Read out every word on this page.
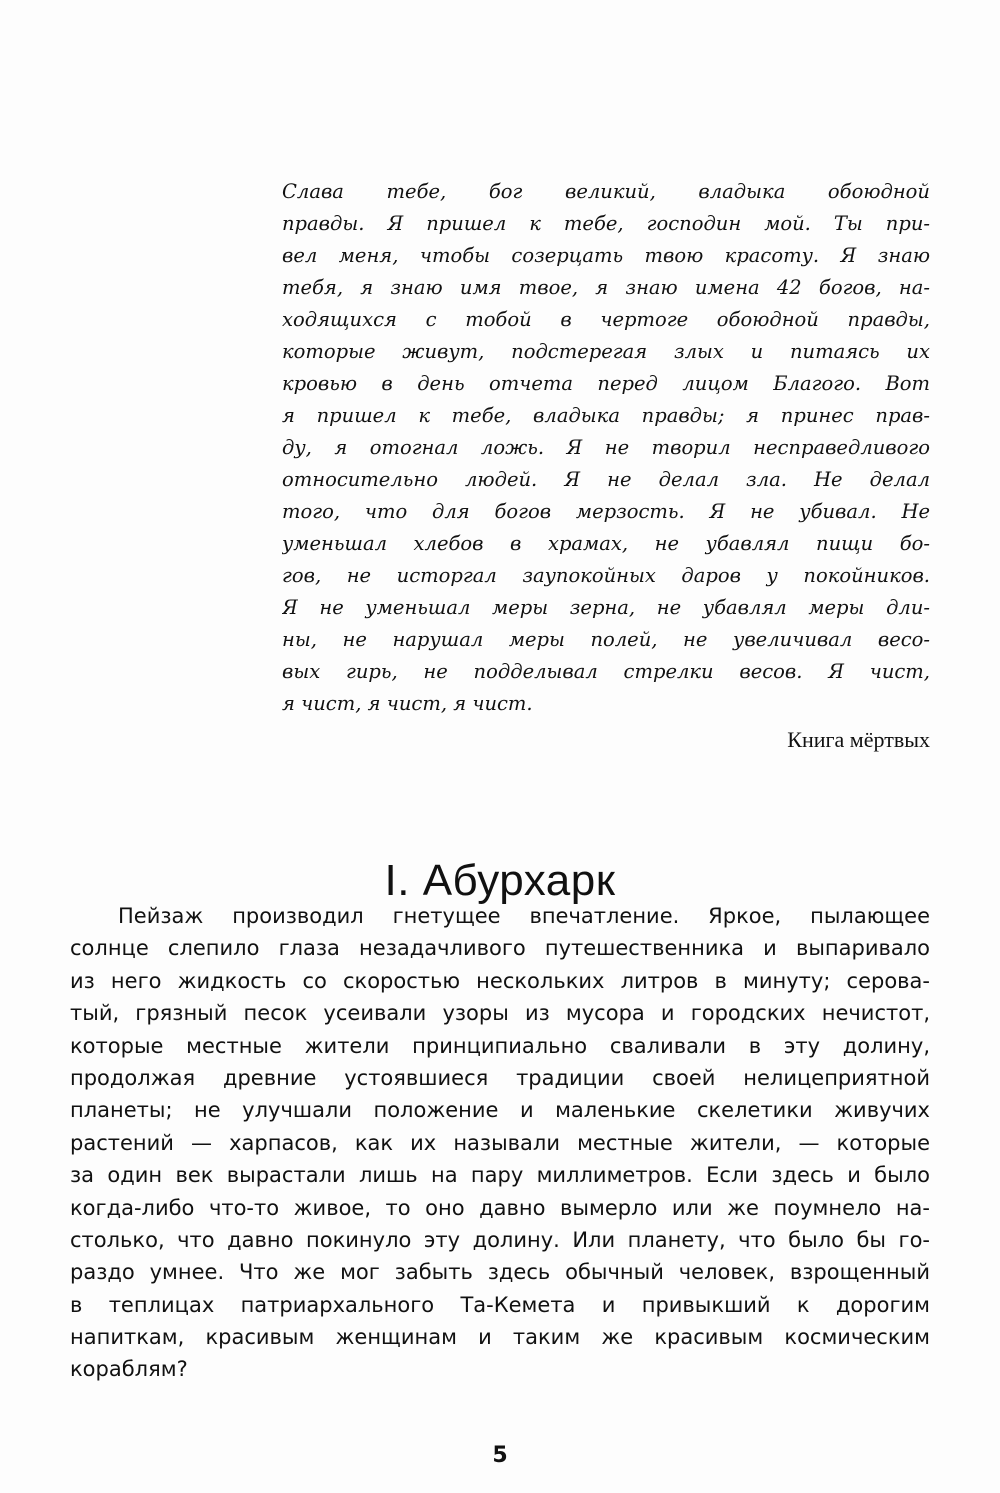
Слава тебе, бог великий, владыка обоюдной
правды. Я пришел к тебе, господин мой. Ты при-
вел меня, чтобы созерцать твою красоту. Я знаю
тебя, я знаю имя твое, я знаю имена 42 богов, на-
ходящихся с тобой в чертоге обоюдной правды,
которые живут, подстерегая злых и питаясь их
кровью в день отчета перед лицом Благого. Вот
я пришел к тебе, владыка правды; я принес прав-
ду, я отогнал ложь. Я не творил несправедливого
относительно людей. Я не делал зла. Не делал
того, что для богов мерзость. Я не убивал. Не
уменьшал хлебов в храмах, не убавлял пищи бо-
гов, не исторгал заупокойных даров у покойников.
Я не уменьшал меры зерна, не убавлял меры дли-
ны, не нарушал меры полей, не увеличивал весо-
вых гирь, не подделывал стрелки весов. Я чист,
я чист, я чист, я чист.
Книга мёртвых
I. Абурхарк
Пейзаж производил гнетущее впечатление. Яркое, пылающее
солнце слепило глаза незадачливого путешественника и выпаривало
из него жидкость со скоростью нескольких литров в минуту; серова-
тый, грязный песок усеивали узоры из мусора и городских нечистот,
которые местные жители принципиально сваливали в эту долину,
продолжая древние устоявшиеся традиции своей нелицеприятной
планеты; не улучшали положение и маленькие скелетики живучих
растений — харпасов, как их называли местные жители, — которые
за один век вырастали лишь на пару миллиметров. Если здесь и было
когда-либо что-то живое, то оно давно вымерло или же поумнело на-
столько, что давно покинуло эту долину. Или планету, что было бы го-
раздо умнее. Что же мог забыть здесь обычный человек, взрощенный
в теплицах патриархального Та-Кемета и привыкший к дорогим
напиткам, красивым женщинам и таким же красивым космическим
кораблям?
5
